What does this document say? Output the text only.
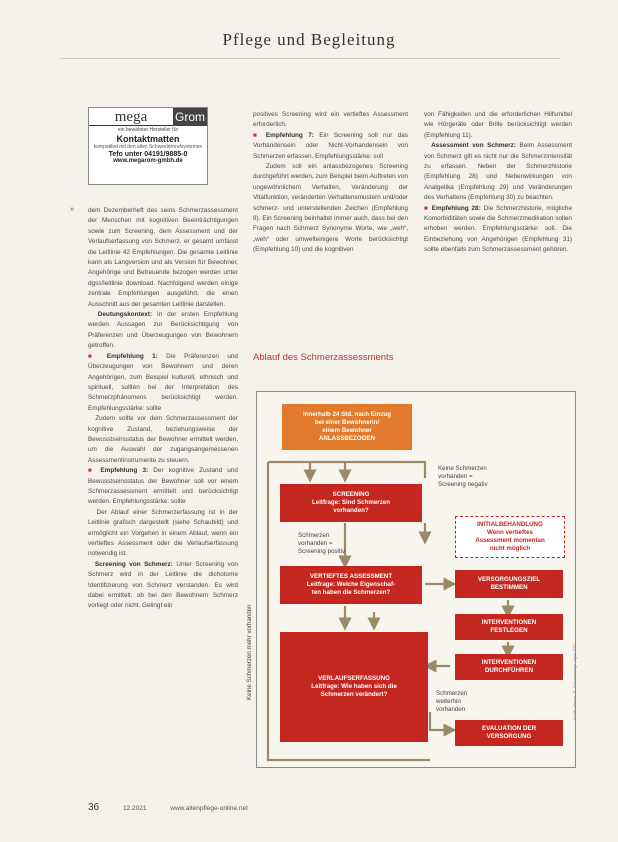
Pflege und Begleitung
mega	Grom
ein bewährter Hersteller für
Kontaktmatten
kompatibel mit den allen Schwesternrufsystemen
Tefo unter 04191/9885-0
www.megarom-gmbh.de
» dem Dezemberheft des seins Schmerzassessment der Menschen mit kognitiven Beeinträchtigungen sowie zum Screening, dem Assessment und der Verlaufserfassung von Schmerz, er gesamt umfasst die Leitlinie 42 Empfehlungen. Die gesamte Leitlinie kann als Langversion und als Version für Bewohner, Angehörige und Betreuende bezogen werden unter dgss/leitlinie download. Nachfolgend werden einige zentrale Empfehlungen ausgeführt, die einen Ausschnitt aus der gesamten Leitlinie darstellen.

Deutungskontext: In der ersten Empfehlung werden Aussagen zur Berücksichtigung von Präferenzen und Überzeugungen von Bewohnern getroffen.

■ Empfehlung 1: Die Präferenzen und Überzeugungen von Bewohnern und deren Angehörigen, zum Beispiel kulturell, ethnisch und spirituell, sollten bei der Interpretation des Schmerzphänomens berücksichtigt werden. Empfehlungsstärke: sollte

Zudem sollte vor dem Schmerzassessment der kognitive Zustand, beziehungsweise der Bewusstseinsstatus der Bewohner ermittelt werden, um die Auswahl der zugangsangemessenen Assessmentinstrumente zu steuern.

■ Empfehlung 3: Der kognitive Zustand und Bewusstseinsstatus der Bewohner soll vor einem Schmerzassessment ermittelt und berücksichtigt werden. Empfehlungsstärke: sollte

Der Ablauf einer Schmerzerfassung ist in der Leitlinie grafisch dargestellt (siehe Schaubild) und ermöglicht ein Vorgehen in einem Ablauf, wenn ein vertieftes Assessment oder die Verlaufserfassung notwendig ist.

Screening von Schmerz: Unter Screening von Schmerz wird in der Leitlinie die dichotome Identifizierung von Schmerz verstanden. Es wird dabei ermittelt, ob bei den Bewohnern Schmerz vorliegt oder nicht. Gelingt ein

positives Screening wird ein vertieftes Assessment erforderlich.

■ Empfehlung 7: Ein Screening soll nur das Vorhandensein oder Nicht-Vorhandensein von Schmerzen erfassen. Empfehlungsstärke: soll

Zudem soll ein anlassbezogenes Screening durchgeführt werden, zum Beispiel beim Auftreten von ungewöhnlichem Verhalten, Veränderung der Vitalfunktion, veränderten Verhaltensmustern und/oder schmerz- und unterstellenden Zeichen (Empfehlung 8). Ein Screening beinhaltet immer auch, dass bei den Fragen nach Schmerz Synonyme Worte, wie „weh“, „weh“ oder umwelteinigere Worte berücksichtigt (Empfehlung 10) und die kognitiven

von Fähigkeiten und die erforderlichen Hilfsmittel wie Hörgeräte oder Brille berücksichtigt werden (Empfehlung 11).

Assessment von Schmerz: Beim Assessment von Schmerz gilt es nicht nur die Schmerzintensität zu erfassen. Neben der Schmerzhistorie (Empfehlung 28) und Nebenwirkungen von Analgetika (Empfehlung 29) und Veränderungen des Verhaltens (Empfehlung 30) zu beachten.

■ Empfehlung 28: Die Schmerzhistorie, mögliche Komorbiditäten sowie die Schmerzmedikation sollen erhoben werden. Empfehlungsstärke: soll. Die Einbeziehung von Angehörigen (Empfehlung 31) sollte ebenfalls zum Schmerzassessment gehören.

Ablauf des Schmerzassessments
Innerhalb 24 Std. nach Einzug
bei einer Bewohnerin/
einem Bewohner
ANLASSBEZOGEN
SCREENING
Leitfrage: Sind Schmerzen
vorhanden?
Keine Schmerzen
vorhanden =
Screening negativ
INITIALBEHANDLUNG
Wenn vertieftes
Assessment momentan
nicht möglich
Schmerzen
vorhanden =
Screening positiv
VERTIEFTES ASSESSMENT
Leitfrage: Welche Eigenschaf-
ten haben die Schmerzen?
VERSORGUNGSZIEL
BESTIMMEN
INTERVENTIONEN
FESTLEGEN
INTERVENTIONEN
DURCHFÜHREN
VERLAUFSERFASSUNG
Leitfrage: Wie haben sich die
Schmerzen verändert?	Schmerzen
weiterhin
vorhanden
EVALUATION DER
VERSORGUNG
Keine Schmerzen mehr vorhanden	Grafik: Hesse, R. Schmerzfrage, dgss 2021
36	12.2021	www.altenpflege-online.net
